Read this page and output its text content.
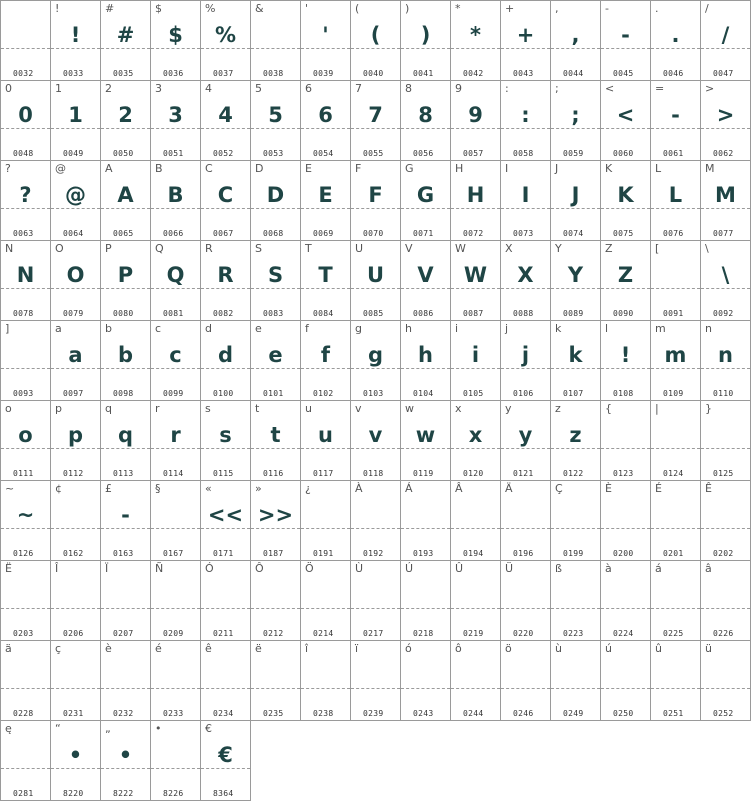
0032
!
!
0033
#
#
0035
$
$
0036
%
%
0037
&
0038
'
'
0039
(
(
0040
)
)
0041
*
*
0042
+
+
0043
,
,
0044
-
-
0045
.
.
0046
/
/
0047
0
0
0048
1
1
0049
2
2
0050
3
3
0051
4
4
0052
5
5
0053
6
6
0054
7
7
0055
8
8
0056
9
9
0057
:
:
0058
;
;
0059
<
<
0060
=
-
0061
>
>
0062
?
?
0063
@
@
0064
A
A
0065
B
B
0066
C
C
0067
D
D
0068
E
E
0069
F
F
0070
G
G
0071
H
H
0072
I
I
0073
J
J
0074
K
K
0075
L
L
0076
M
M
0077
N
N
0078
O
O
0079
P
P
0080
Q
Q
0081
R
R
0082
S
S
0083
T
T
0084
U
U
0085
V
V
0086
W
W
0087
X
X
0088
Y
Y
0089
Z
Z
0090
[
0091
\
\
0092
]
0093
a
a
0097
b
b
0098
c
c
0099
d
d
0100
e
e
0101
f
f
0102
g
g
0103
h
h
0104
i
i
0105
j
j
0106
k
k
0107
l
!
0108
m
m
0109
n
n
0110
o
o
0111
p
p
0112
q
q
0113
r
r
0114
s
s
0115
t
t
0116
u
u
0117
v
v
0118
w
w
0119
x
x
0120
y
y
0121
z
z
0122
{
0123
|
0124
}
0125
~
~
0126
¢
0162
£
-
0163
§
0167
«
<<
0171
»
>>
0187
¿
0191
À
0192
Á
0193
Â
0194
Ä
0196
Ç
0199
È
0200
É
0201
Ê
0202
Ë
0203
Î
0206
Ï
0207
Ñ
0209
Ó
0211
Ô
0212
Ö
0214
Ù
0217
Ú
0218
Û
0219
Ü
0220
ß
0223
à
0224
á
0225
â
0226
ä
0228
ç
0231
è
0232
é
0233
ê
0234
ë
0235
î
0238
ï
0239
ó
0243
ô
0244
ö
0246
ù
0249
ú
0250
û
0251
ü
0252
ę
0281
“
•
8220
„
•
8222
•
8226
€
€
8364
